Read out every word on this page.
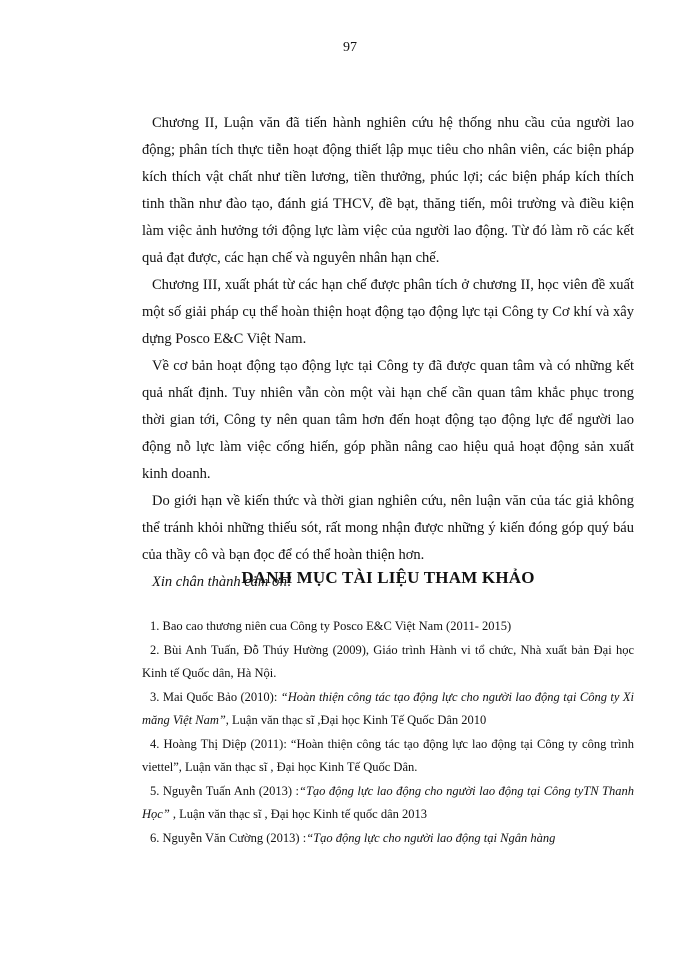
97

Chương II, Luận văn đã tiến hành nghiên cứu hệ thống nhu cầu của người lao động; phân tích thực tiễn hoạt động thiết lập mục tiêu cho nhân viên, các biện pháp kích thích vật chất như tiền lương, tiền thưởng, phúc lợi; các biện pháp kích thích tinh thần như đào tạo, đánh giá THCV, đề bạt, thăng tiến, môi trường và điều kiện làm việc ảnh hưởng tới động lực làm việc của người lao động. Từ đó làm rõ các kết quả đạt được, các hạn chế và nguyên nhân hạn chế.

Chương III, xuất phát từ các hạn chế được phân tích ở chương II, học viên đề xuất một số giải pháp cụ thể hoàn thiện hoạt động tạo động lực tại Công ty Cơ khí và xây dựng Posco E&C Việt Nam.

Về cơ bản hoạt động tạo động lực tại Công ty đã được quan tâm và có những kết quả nhất định. Tuy nhiên vẫn còn một vài hạn chế cần quan tâm khắc phục trong thời gian tới, Công ty nên quan tâm hơn đến hoạt động tạo động lực để người lao động nỗ lực làm việc cống hiến, góp phần nâng cao hiệu quả hoạt động sản xuất kinh doanh.

Do giới hạn về kiến thức và thời gian nghiên cứu, nên luận văn của tác giả không thể tránh khỏi những thiếu sót, rất mong nhận được những ý kiến đóng góp quý báu của thầy cô và bạn đọc để có thể hoàn thiện hơn.

Xin chân thành cảm ơn!

DANH MỤC TÀI LIỆU THAM KHẢO
1. Bao cao thương niên cua Công ty Posco E&C Việt Nam (2011- 2015)
2. Bùi Anh Tuấn, Đỗ Thúy Hường (2009), Giáo trình Hành vi tổ chức, Nhà xuất bản Đại học Kinh tế Quốc dân, Hà Nội.
3. Mai Quốc Bảo (2010): “Hoàn thiện công tác tạo động lực cho người lao động tại Công ty Xi măng Việt Nam”, Luận văn thạc sĩ ,Đại học Kinh Tế Quốc Dân 2010
4. Hoàng Thị Diệp (2011): “Hoàn thiện công tác tạo động lực lao động tại Công ty công trình viettel”, Luận văn thạc sĩ , Đại học Kinh Tế Quốc Dân.
5. Nguyễn Tuấn Anh (2013) :“Tạo động lực lao động cho người lao động tại Công tyTN Thanh Học” , Luận văn thạc sĩ , Đại học Kinh tế quốc dân 2013
6. Nguyễn Văn Cường (2013) :“Tạo động lực cho người lao động tại Ngân hàng
